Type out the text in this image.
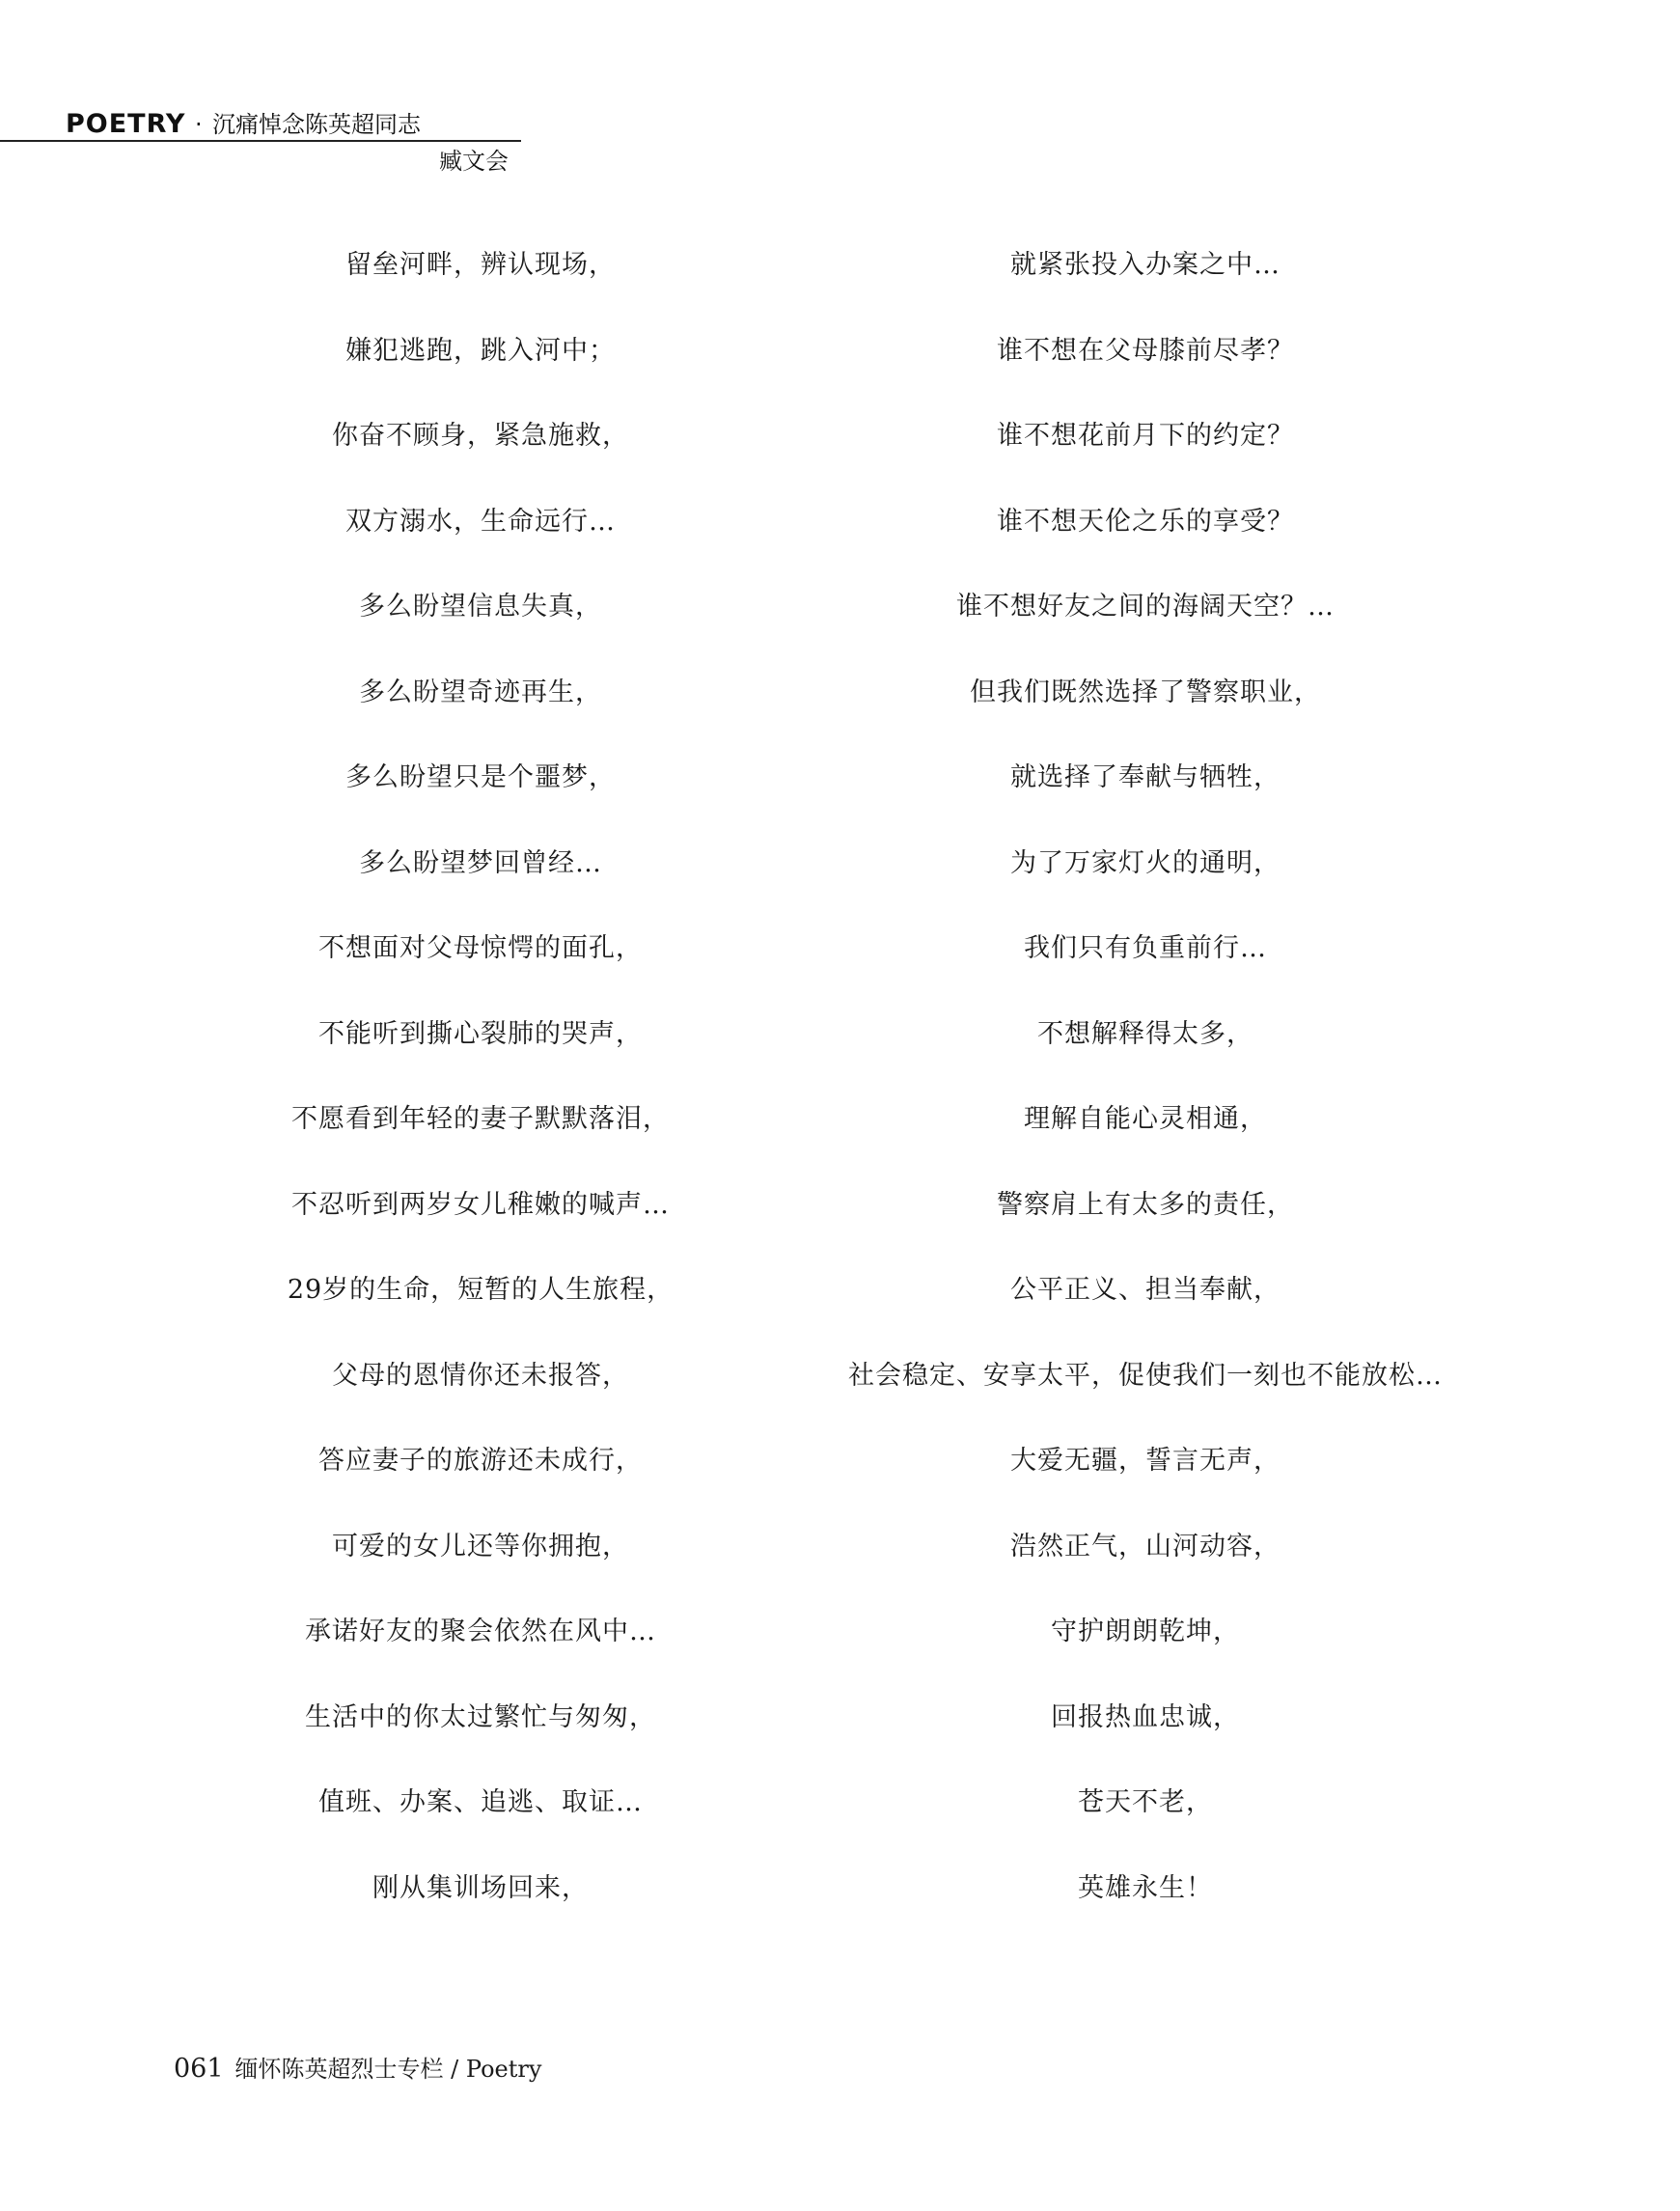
POETRY · 沉痛悼念陈英超同志
臧文会
留垒河畔，辨认现场，
嫌犯逃跑，跳入河中；
你奋不顾身，紧急施救，
双方溺水，生命远行…
多么盼望信息失真，
多么盼望奇迹再生，
多么盼望只是个噩梦，
多么盼望梦回曾经…
不想面对父母惊愕的面孔，
不能听到撕心裂肺的哭声，
不愿看到年轻的妻子默默落泪，
不忍听到两岁女儿稚嫩的喊声…
29岁的生命，短暂的人生旅程，
父母的恩情你还未报答，
答应妻子的旅游还未成行，
可爱的女儿还等你拥抱，
承诺好友的聚会依然在风中…
生活中的你太过繁忙与匆匆，
值班、办案、追逃、取证…
刚从集训场回来，
就紧张投入办案之中…
谁不想在父母膝前尽孝？
谁不想花前月下的约定？
谁不想天伦之乐的享受？
谁不想好友之间的海阔天空？…
但我们既然选择了警察职业，
就选择了奉献与牺牲，
为了万家灯火的通明，
我们只有负重前行…
不想解释得太多，
理解自能心灵相通，
警察肩上有太多的责任，
公平正义、担当奉献，
社会稳定、安享太平，促使我们一刻也不能放松…
大爱无疆，誓言无声，
浩然正气，山河动容，
守护朗朗乾坤，
回报热血忠诚，
苍天不老，
英雄永生！
061 缅怀陈英超烈士专栏 / Poetry
